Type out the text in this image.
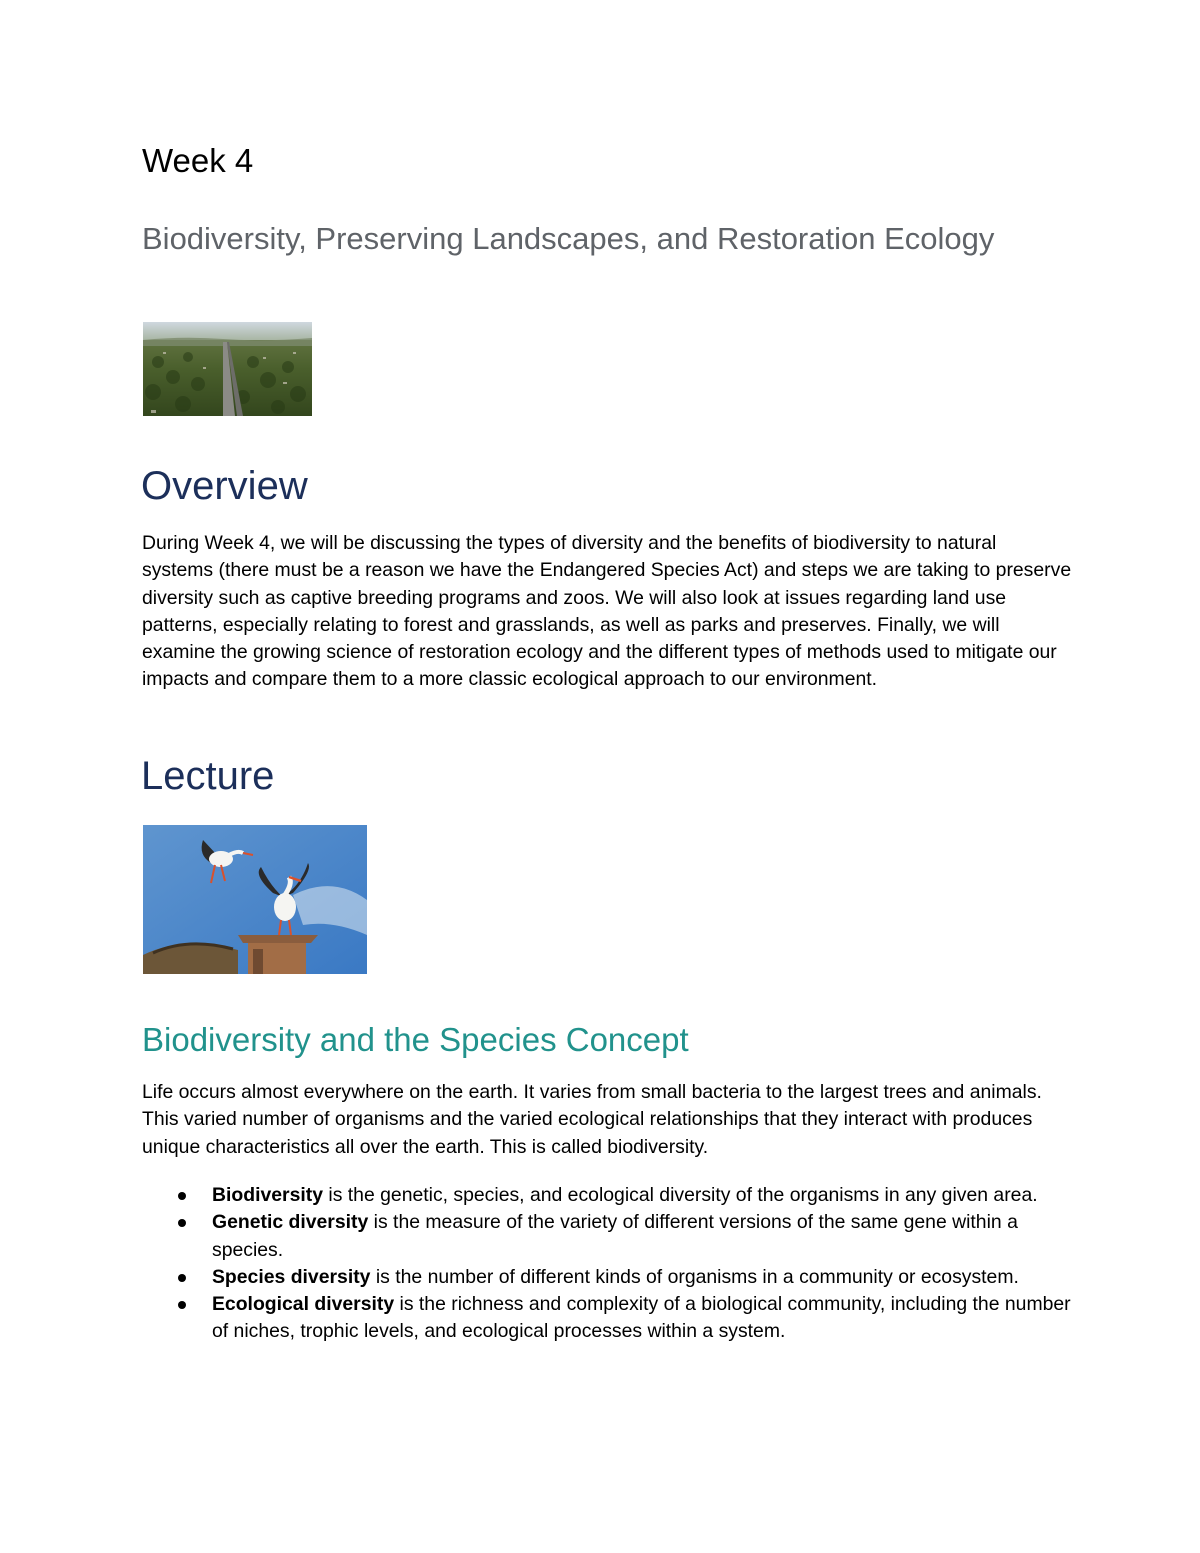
Week 4
Biodiversity, Preserving Landscapes, and Restoration Ecology
Overview
During Week 4, we will be discussing the types of diversity and the benefits of biodiversity to natural systems (there must be a reason we have the Endangered Species Act) and steps we are taking to preserve diversity such as captive breeding programs and zoos. We will also look at issues regarding land use patterns, especially relating to forest and grasslands, as well as parks and preserves. Finally, we will examine the growing science of restoration ecology and the different types of methods used to mitigate our impacts and compare them to a more classic ecological approach to our environment.
Lecture
Biodiversity and the Species Concept
Life occurs almost everywhere on the earth. It varies from small bacteria to the largest trees and animals. This varied number of organisms and the varied ecological relationships that they interact with produces unique characteristics all over the earth. This is called biodiversity.
Biodiversity is the genetic, species, and ecological diversity of the organisms in any given area.
Genetic diversity is the measure of the variety of different versions of the same gene within a species.
Species diversity is the number of different kinds of organisms in a community or ecosystem.
Ecological diversity is the richness and complexity of a biological community, including the number of niches, trophic levels, and ecological processes within a system.
